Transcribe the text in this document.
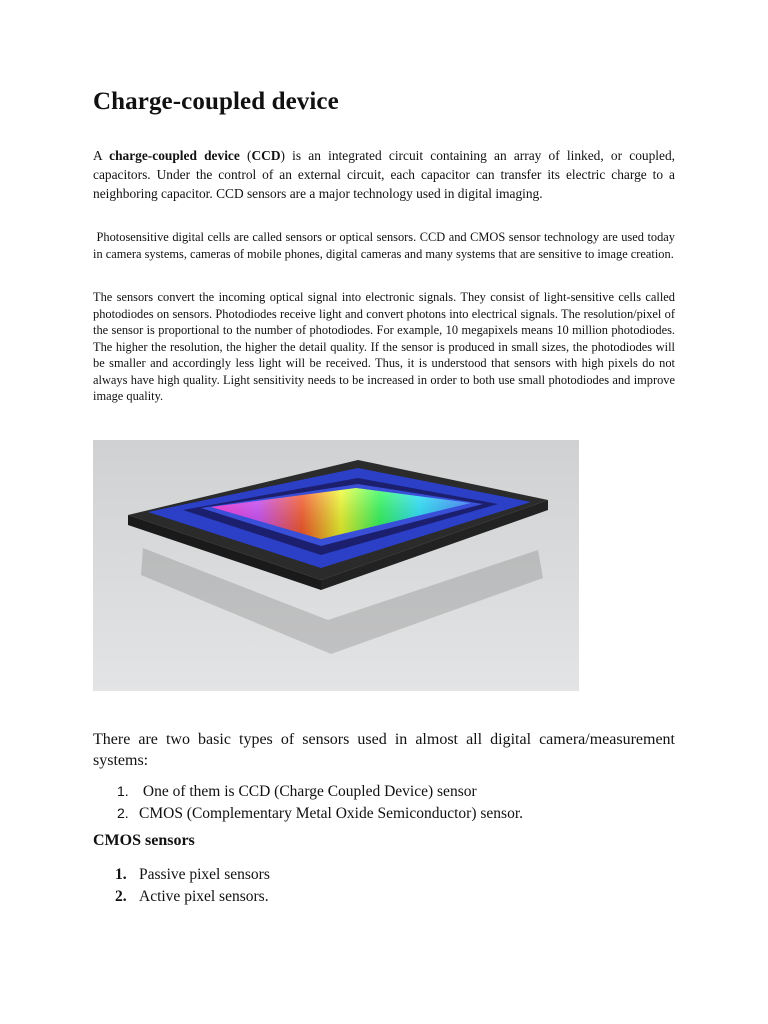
Charge-coupled device

A charge-coupled device (CCD) is an integrated circuit containing an array of linked, or coupled, capacitors. Under the control of an external circuit, each capacitor can transfer its electric charge to a neighboring capacitor. CCD sensors are a major technology used in digital imaging.

Photosensitive digital cells are called sensors or optical sensors. CCD and CMOS sensor technology are used today in camera systems, cameras of mobile phones, digital cameras and many systems that are sensitive to image creation.

The sensors convert the incoming optical signal into electronic signals. They consist of light-sensitive cells called photodiodes on sensors. Photodiodes receive light and convert photons into electrical signals. The resolution/pixel of the sensor is proportional to the number of photodiodes. For example, 10 megapixels means 10 million photodiodes. The higher the resolution, the higher the detail quality. If the sensor is produced in small sizes, the photodiodes will be smaller and accordingly less light will be received. Thus, it is understood that sensors with high pixels do not always have high quality. Light sensitivity needs to be increased in order to both use small photodiodes and improve image quality.

There are two basic types of sensors used in almost all digital camera/measurement systems:

1. One of them is CCD (Charge Coupled Device) sensor
2. CMOS (Complementary Metal Oxide Semiconductor) sensor.
CMOS sensors
1. Passive pixel sensors
2. Active pixel sensors.
